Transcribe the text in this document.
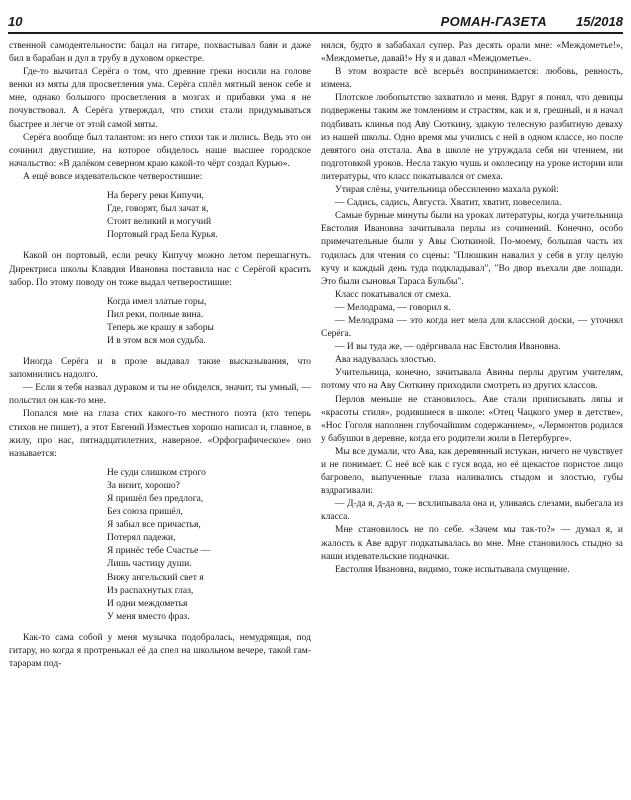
10	РОМАН-ГАЗЕТА 15/2018

ственной самодеятельности: бацал на гитаре, похвастывал баян и даже бил в барабан и дул в трубу в духовом оркестре.

Где-то вычитал Серёга о том, что древние греки носили на голове венки из мяты для просветления ума. Серёга сплёл мятный венок себе и мне, однако большого просветления в мозгах и прибавки ума я не почувствовал. А Серёга утверждал, что стихи стали придумываться быстрее и легче от этой самой мяты.

Серёга вообще был талантом: из него стихи так и лились. Ведь это он сочинил двустишие, на которое обиделось наше высшее городское начальство: «В далёком северном краю какой-то чёрт создал Курью».

А ещё вовсе издевательское четверостишие:

На берегу реки Кипучи,
Где, говорят, был зачат я,
Стоит великий и могучий
Портовый град Бела Курья.

Какой он портовый, если речку Кипучу можно летом перешагнуть. Директриса школы Клавдия Ивановна поставила нас с Серёгой красить забор. По этому поводу он тоже выдал четверостишие:

Когда имел златые горы,
Пил реки, полные вина.
Теперь же крашу я заборы
И в этом вся моя судьба.

Иногда Серёга и в прозе выдавал такие высказывания, что запомнились надолго.

— Если я тебя назвал дураком и ты не обиделся, значит, ты умный, — польстил он как-то мне.

Попался мне на глаза стих какого-то местного поэта (кто теперь стихов не пишет), а этот Евгений Изместьев хорошо написал и, главное, в жилу, про нас, пятнадцатилетних, наверное. «Орфографическое» оно называется:

Не суди слишком строго
За визит, хорошо?
Я пришёл без предлога,
Без союза пришёл,
Я забыл все причастья,
Потерял падежи,
Я принёс тебе Счастье —
Лишь частицу души.
Вижу ангельский свет я
Из распахнутых глаз,
И одни междометья
У меня вместо фраз.

Как-то сама собой у меня музычка подобралась, немудрящая, под гитару, но когда я протренькал её да спел на школьном вечере, такой гам-тарарам под-

нялся, будто я забабахал супер. Раз десять орали мне: «Междометье!», «Междометье, давай!» Ну я и давал «Междометье».

В этом возрасте всё всерьёз воспринимается: любовь, ревность, измена.

Плотское любопытство захватило и меня. Вдруг я понял, что девицы подвержены таким же томлениям и страстям, как и я, грешный, и я начал подбивать клинья под Аву Сюткину, эдакую телесную разбитную деваху из нашей школы. Одно время мы учились с ней в одном классе, но после девятого она отстала. Ава в школе не утруждала себя ни чтением, ни подготовкой уроков. Несла такую чушь и околесицу на уроке истории или литературы, что класс покатывался от смеха.

Утирая слёзы, учительница обессиленно махала рукой:

— Садись, садись, Августа. Хватит, хватит, повеселила.

Самые бурные минуты были на уроках литературы, когда учительница Евстолия Ивановна зачитывала перлы из сочинений. Конечно, особо примечательные были у Авы Сюткиной. По-моему, большая часть их годилась для чтения со сцены: "Плюшкин навалил у себя в углу целую кучу и каждый день туда подкладывал", "Во двор въехали две лошади. Это были сыновья Тараса Бульбы".

Класс покатывался от смеха.

— Мелодрама, — говорил я.

— Мелодрама — это когда нет мела для классной доски, — уточнял Серёга.

— И вы туда же, — одёргивала нас Евстолия Ивановна.

Ава надувалась злостью.

Учительница, конечно, зачитывала Авины перлы другим учителям, потому что на Аву Сюткину приходили смотреть из других классов.

Перлов меньше не становилось. Аве стали приписывать ляпы и «красоты стиля», родившиеся в школе: «Отец Чацкого умер в детстве», «Нос Гоголя наполнен глубочайшим содержанием», «Лермонтов родился у бабушки в деревне, когда его родители жили в Петербурге».

Мы все думали, что Ава, как деревянный истукан, ничего не чувствует и не понимает. С неё всё как с гуся вода, но её щекастое пористое лицо багровело, выпученные глаза наливались стыдом и злостью, губы вздрагивали:

— Д-да я, д-да я, — всхлипывала она и, уливаясь слезами, выбегала из класса.

Мне становилось не по себе. «Зачем мы так-то?» — думал я, и жалость к Аве вдруг подкатывалась во мне. Мне становилось стыдно за наши издевательские подначки.

Евстолия Ивановна, видимо, тоже испытывала смущение.
